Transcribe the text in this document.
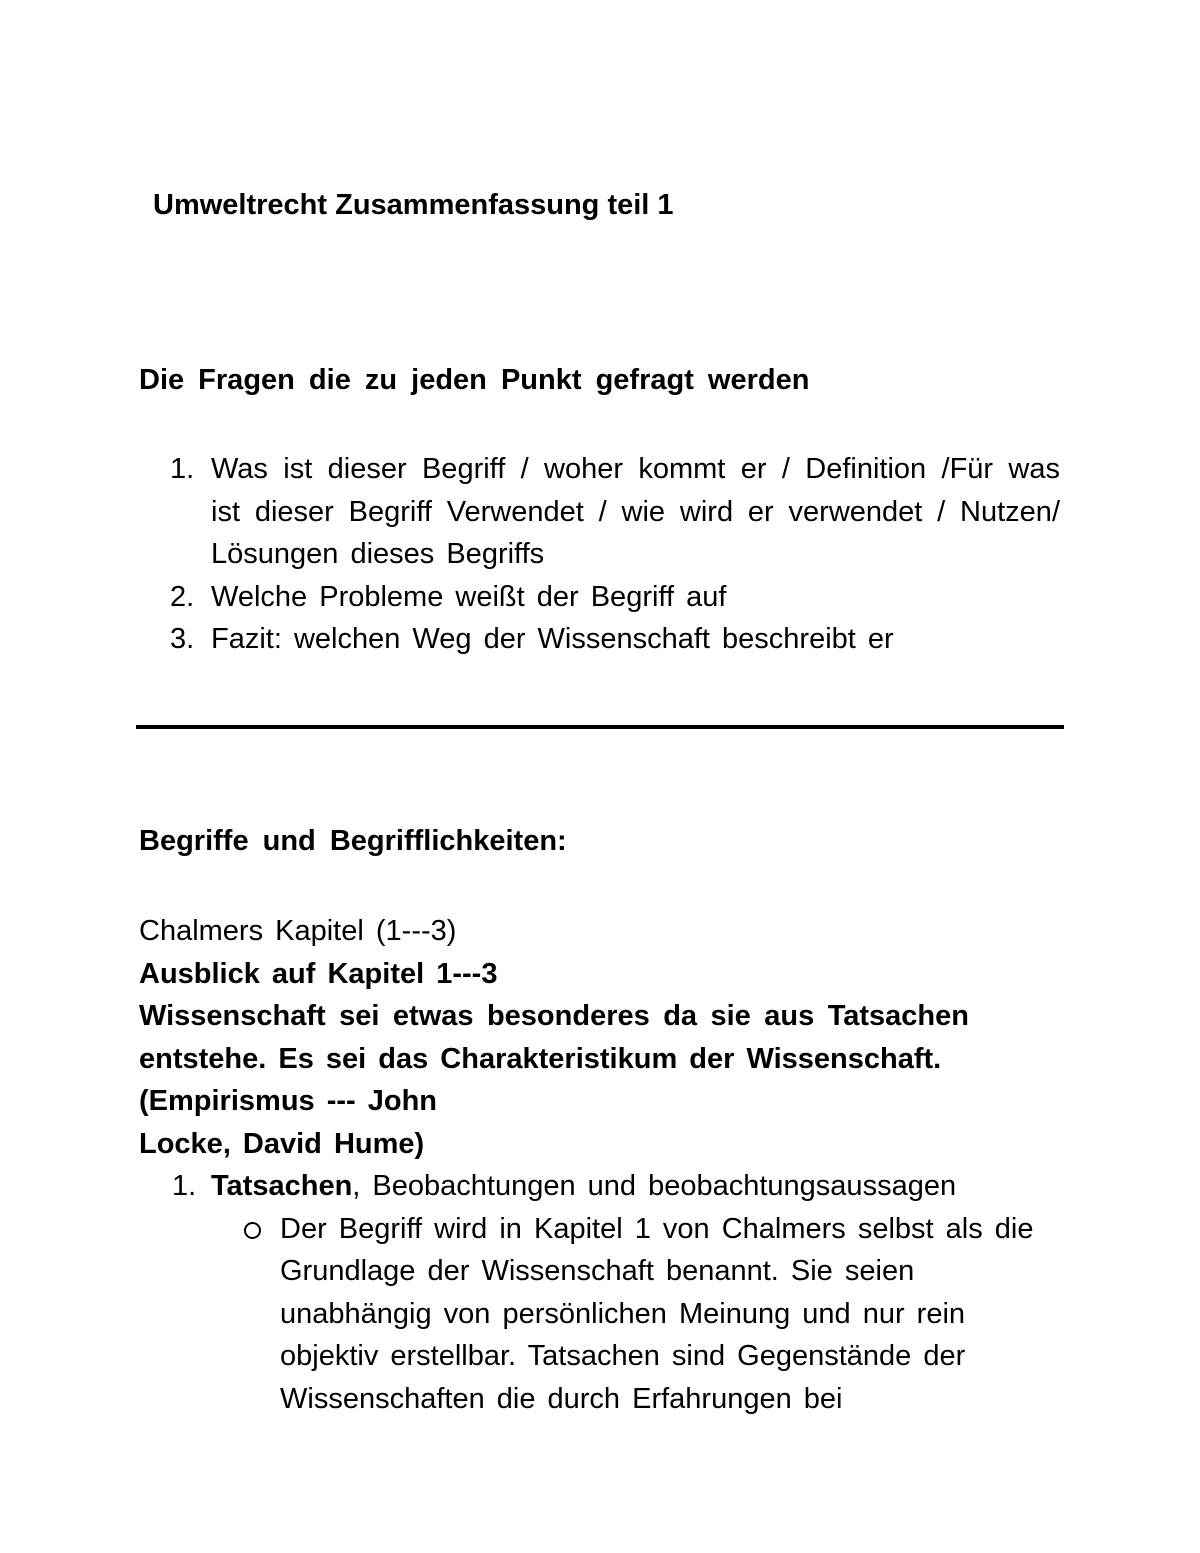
Umweltrecht Zusammenfassung teil 1
Die Fragen die zu jeden Punkt gefragt werden
1. Was ist dieser Begriff / woher kommt er / Definition /Für was ist dieser Begriff Verwendet / wie wird er verwendet / Nutzen/ Lösungen dieses Begriffs
2. Welche Probleme weißt der Begriff auf
3. Fazit: welchen Weg der Wissenschaft beschreibt er
Begriffe und Begrifflichkeiten:
Chalmers Kapitel (1---3)
Ausblick auf Kapitel 1---3
Wissenschaft sei etwas besonderes da sie aus Tatsachen entstehe. Es sei das Charakteristikum der Wissenschaft.
(Empirismus --- John
Locke, David Hume)
1. Tatsachen, Beobachtungen und beobachtungsaussagen
Der Begriff wird in Kapitel 1 von Chalmers selbst als die Grundlage der Wissenschaft benannt. Sie seien unabhängig von persönlichen Meinung und nur rein objektiv erstellbar. Tatsachen sind Gegenstände der Wissenschaften die durch Erfahrungen bei
